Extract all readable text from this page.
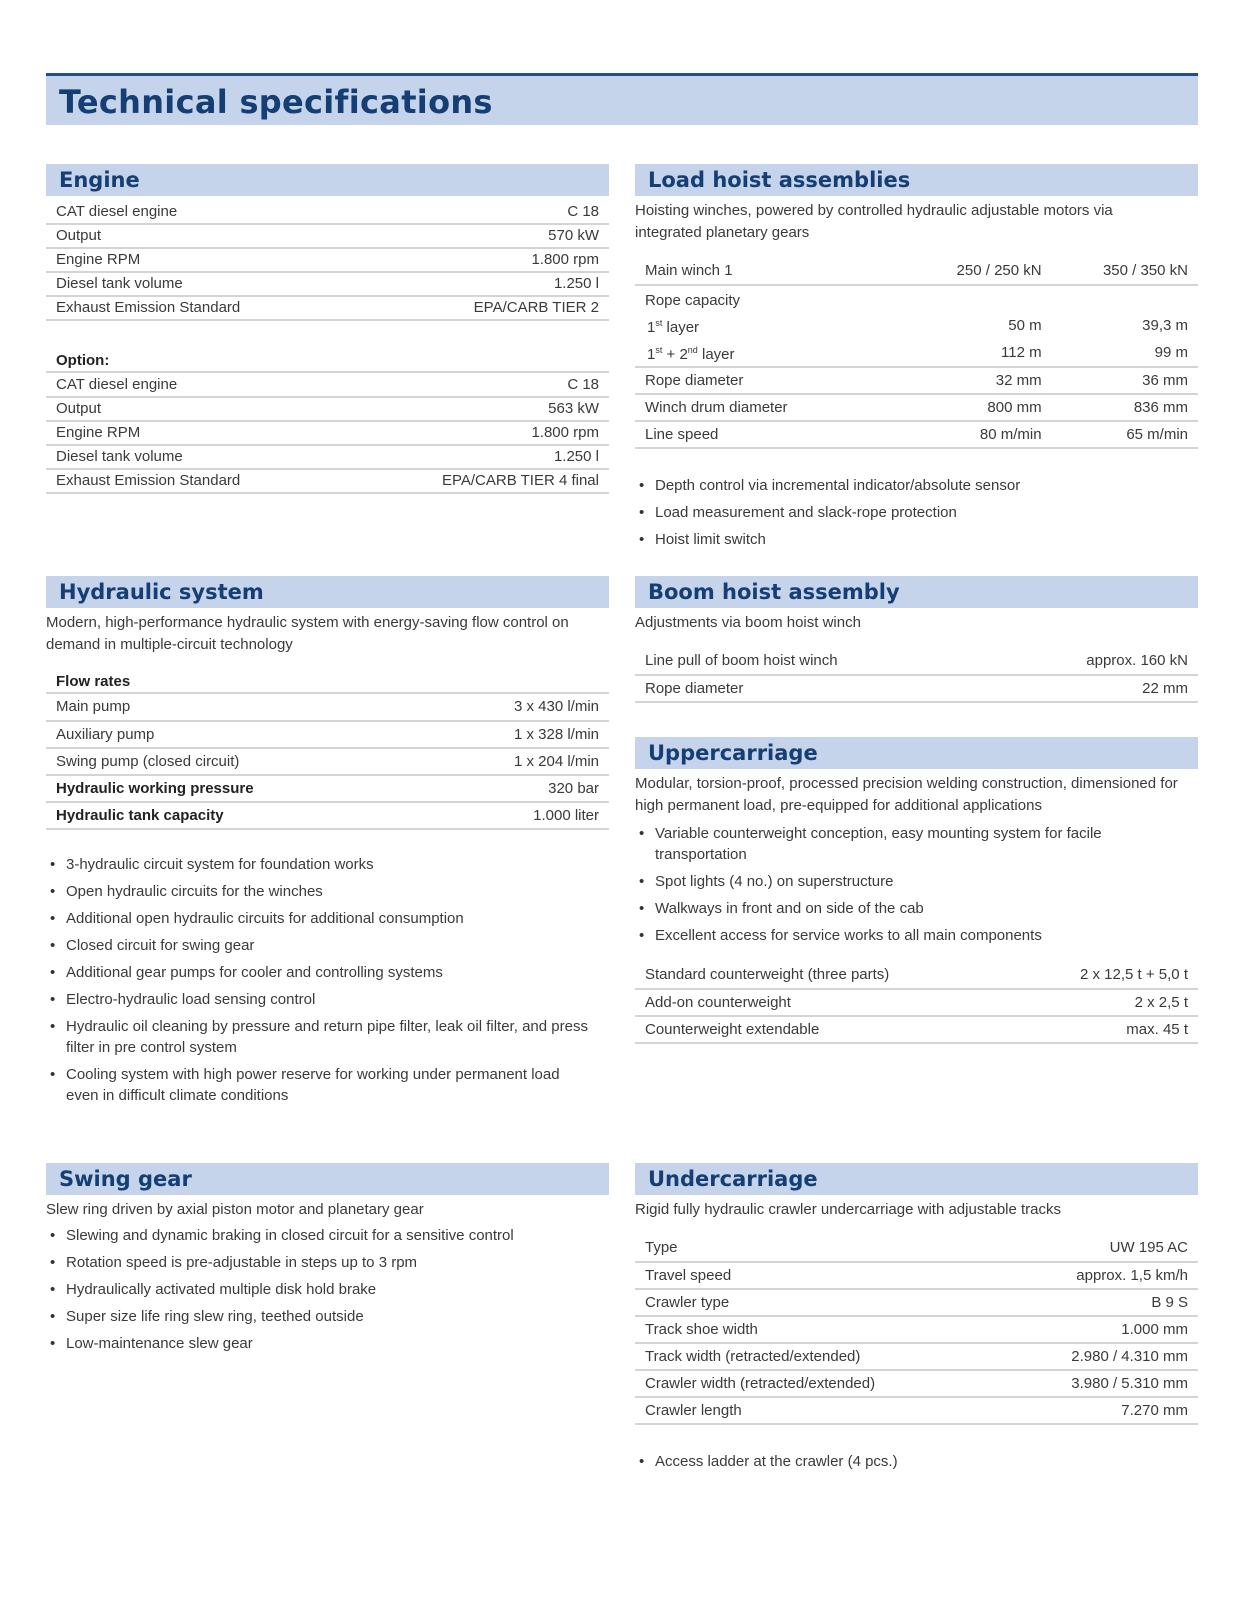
Technical specifications
Engine
CAT diesel engine	C 18
Output	570 kW
Engine RPM	1.800 rpm
Diesel tank volume	1.250 l
Exhaust Emission Standard	EPA/CARB TIER 2
Option:
CAT diesel engine	C 18
Output	563 kW
Engine RPM	1.800 rpm
Diesel tank volume	1.250 l
Exhaust Emission Standard	EPA/CARB TIER 4 final
Load hoist assemblies

Hoisting winches, powered by controlled hydraulic adjustable motors via integrated planetary gears

Main winch 1	250 / 250 kN	350 / 350 kN
Rope capacity		
1st layer	50 m	39,3 m
1st + 2nd layer	112 m	99 m
Rope diameter	32 mm	36 mm
Winch drum diameter	800 mm	836 mm
Line speed	80 m/min	65 m/min
• Depth control via incremental indicator/absolute sensor
• Load measurement and slack-rope protection
• Hoist limit switch
Hydraulic system

Modern, high-performance hydraulic system with energy-saving flow control on demand in multiple-circuit technology

Flow rates
Main pump	3 x 430 l/min
Auxiliary pump	1 x 328 l/min
Swing pump (closed circuit)	1 x 204 l/min
Hydraulic working pressure	320 bar
Hydraulic tank capacity	1.000 liter
• 3-hydraulic circuit system for foundation works
• Open hydraulic circuits for the winches
• Additional open hydraulic circuits for additional consumption
• Closed circuit for swing gear
• Additional gear pumps for cooler and controlling systems
• Electro-hydraulic load sensing control
• Hydraulic oil cleaning by pressure and return pipe filter, leak oil filter, and press filter in pre control system
• Cooling system with high power reserve for working under permanent load even in difficult climate conditions
Boom hoist assembly

Adjustments via boom hoist winch

Line pull of boom hoist winch	approx. 160 kN
Rope diameter	22 mm
Uppercarriage

Modular, torsion-proof, processed precision welding construction, dimensioned for high permanent load, pre-equipped for additional applications

• Variable counterweight conception, easy mounting system for facile transportation
• Spot lights (4 no.) on superstructure
• Walkways in front and on side of the cab
• Excellent access for service works to all main components
Standard counterweight (three parts)	2 x 12,5 t + 5,0 t
Add-on counterweight	2 x 2,5 t
Counterweight extendable	max. 45 t
Swing gear

Slew ring driven by axial piston motor and planetary gear

• Slewing and dynamic braking in closed circuit for a sensitive control
• Rotation speed is pre-adjustable in steps up to 3 rpm
• Hydraulically activated multiple disk hold brake
• Super size life ring slew ring, teethed outside
• Low-maintenance slew gear
Undercarriage

Rigid fully hydraulic crawler undercarriage with adjustable tracks

Type	UW 195 AC
Travel speed	approx. 1,5 km/h
Crawler type	B 9 S
Track shoe width	1.000 mm
Track width (retracted/extended)	2.980 / 4.310 mm
Crawler width (retracted/extended)	3.980 / 5.310 mm
Crawler length	7.270 mm
• Access ladder at the crawler (4 pcs.)
